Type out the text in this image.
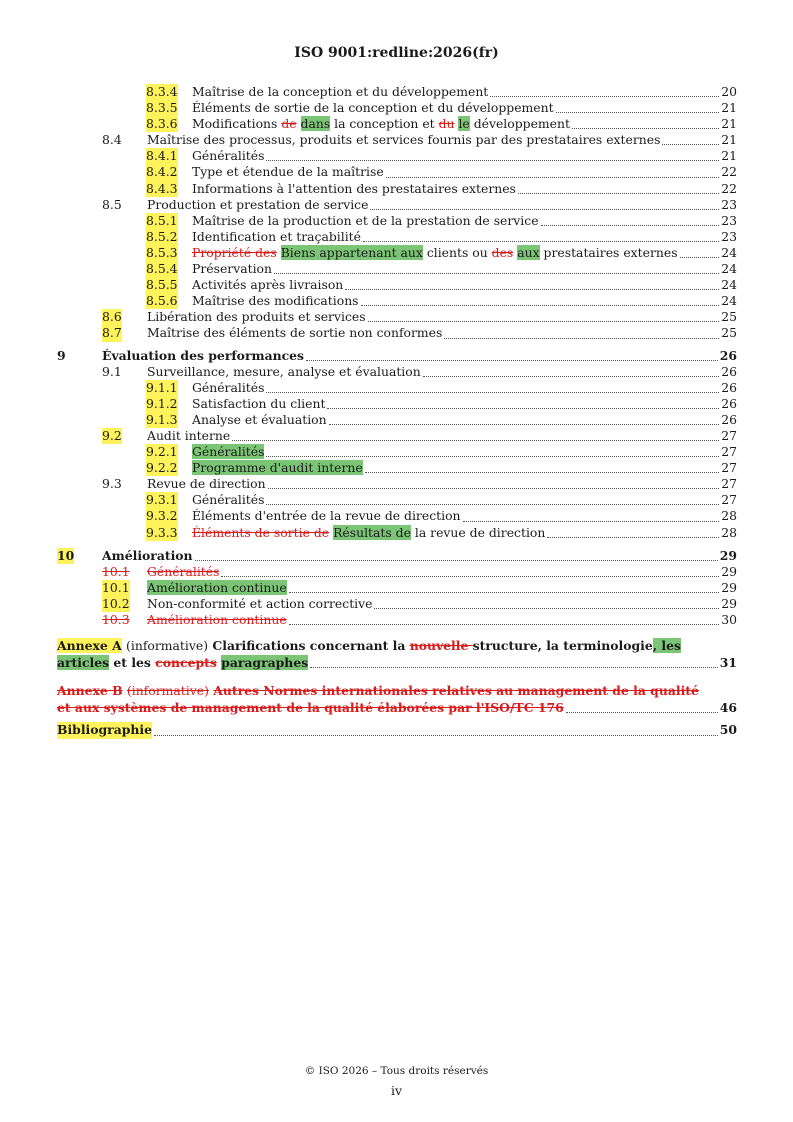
ISO 9001:redline:2026(fr)
8.3.4 Maîtrise de la conception et du développement	20
8.3.5 Éléments de sortie de la conception et du développement	21
8.3.6 Modifications de dans la conception et du le développement	21
8.4 Maîtrise des processus, produits et services fournis par des prestataires externes	21
8.4.1 Généralités	21
8.4.2 Type et étendue de la maîtrise	22
8.4.3 Informations à l'attention des prestataires externes	22
8.5 Production et prestation de service	23
8.5.1 Maîtrise de la production et de la prestation de service	23
8.5.2 Identification et traçabilité	23
8.5.3 Propriété des Biens appartenant aux clients ou des aux prestataires externes	24
8.5.4 Préservation	24
8.5.5 Activités après livraison	24
8.5.6 Maîtrise des modifications	24
8.6 Libération des produits et services	25
8.7 Maîtrise des éléments de sortie non conformes	25
9	Évaluation des performances	26
9.1 Surveillance, mesure, analyse et évaluation	26
9.1.1 Généralités	26
9.1.2 Satisfaction du client	26
9.1.3 Analyse et évaluation	26
9.2 Audit interne	27
9.2.1 Généralités	27
9.2.2 Programme d'audit interne	27
9.3 Revue de direction	27
9.3.1 Généralités	27
9.3.2 Éléments d'entrée de la revue de direction	28
9.3.3 Éléments de sortie de Résultats de la revue de direction	28
10 Amélioration	29
10.1 Généralités	29
10.1 Amélioration continue	29
10.2 Non-conformité et action corrective	29
10.3 Amélioration continue	30
Annexe A (informative) Clarifications concernant la nouvelle structure, la terminologie, les
articles et les concepts paragraphes	31
Annexe B (informative) Autres Normes internationales relatives au management de la qualité
et aux systèmes de management de la qualité élaborées par l'ISO/TC 176	46
Bibliographie	50
© ISO 2026 – Tous droits réservés
iv
